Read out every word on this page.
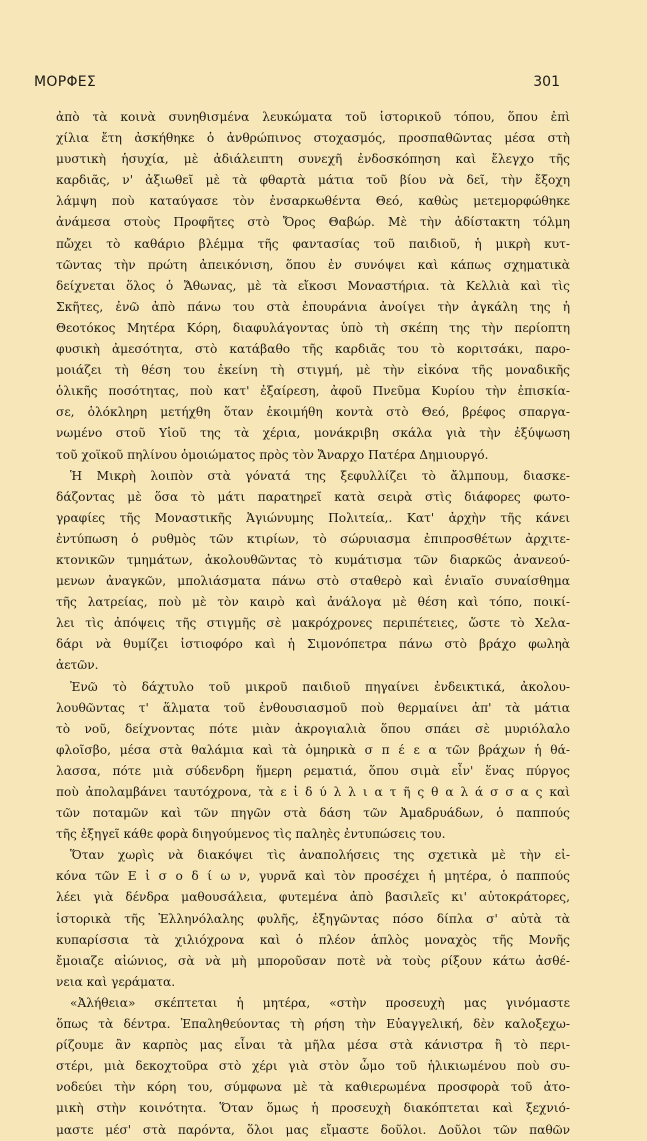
ΜΟΡΦΕΣ	301
ἀπὸ τὰ κοινὰ συνηθισμένα λευκώματα τοῦ ἱστορικοῦ τόπου, ὅπου ἐπὶ
χίλια ἔτη ἀσκήθηκε ὁ ἀνθρώπινος στοχασμός, προσπαθῶντας μέσα στὴ
μυστικὴ ἡσυχία, μὲ ἀδιάλειπτη συνεχῆ ἐνδοσκόπηση καὶ ἔλεγχο τῆς
καρδιᾶς, ν' ἀξιωθεῖ μὲ τὰ φθαρτὰ μάτια τοῦ βίου νὰ δεῖ, τὴν ἔξοχη
λάμψη ποὺ καταύγασε τὸν ἐνσαρκωθέντα Θεό, καθὼς μετεμορφώθηκε
ἀνάμεσα στοὺς Προφῆτες στὸ Ὄρος Θαβώρ. Μὲ τὴν ἀδίστακτη τόλμη
πὤχει τὸ καθάριο βλέμμα τῆς φαντασίας τοῦ παιδιοῦ, ἡ μικρὴ κυτ-
τῶντας τὴν πρώτη ἀπεικόνιση, ὅπου ἐν συνόψει καὶ κάπως σχηματικὰ
δείχνεται ὅλος ὁ Ἄθωνας, μὲ τὰ εἴκοσι Μοναστήρια. τὰ Κελλιὰ καὶ τὶς
Σκῆτες, ἐνῶ ἀπὸ πάνω του στὰ ἐπουράνια ἀνοίγει τὴν ἀγκάλη της ἡ
Θεοτόκος Μητέρα Κόρη, διαφυλάγοντας ὑπὸ τὴ σκέπη της τὴν περίοπτη
φυσικὴ ἀμεσότητα, στὸ κατάβαθο τῆς καρδιᾶς του τὸ κοριτσάκι, παρο-
μοιάζει τὴ θέση του ἐκείνη τὴ στιγμή, μὲ τὴν εἰκόνα τῆς μοναδικῆς
ὁλικῆς ποσότητας, ποὺ κατ' ἐξαίρεση, ἀφοῦ Πνεῦμα Κυρίου τὴν ἐπισκία-
σε, ὁλόκληρη μετήχθη ὅταν ἐκοιμήθη κοντὰ στὸ Θεό, βρέφος σπαργα-
νωμένο στοῦ Υἱοῦ της τὰ χέρια, μονάκριβη σκάλα γιὰ τὴν ἐξύψωση
τοῦ χοϊκοῦ πηλίνου ὁμοιώματος πρὸς τὸν Ἄναρχο Πατέρα Δημιουργό.
Ἡ Μικρὴ λοιπὸν στὰ γόνατά της ξεφυλλίζει τὸ ἄλμπουμ, διασκε-
δάζοντας μὲ ὅσα τὸ μάτι παρατηρεῖ κατὰ σειρὰ στὶς διάφορες φωτο-
γραφίες τῆς Μοναστικῆς Ἁγιώνυμης Πολιτεία,. Κατ' ἀρχὴν τῆς κάνει
ἐντύπωση ὁ ρυθμὸς τῶν κτιρίων, τὸ σώρυιασμα ἐπιπροσθέτων ἀρχιτε-
κτονικῶν τμημάτων, ἀκολουθῶντας τὸ κυμάτισμα τῶν διαρκῶς ἀνανεού-
μενων ἀναγκῶν, μπολιάσματα πάνω στὸ σταθερὸ καὶ ἑνιαῖο συναίσθημα
τῆς λατρείας, ποὺ μὲ τὸν καιρὸ καὶ ἀνάλογα μὲ θέση καὶ τόπο, ποικί-
λει τὶς ἀπόψεις τῆς στιγμῆς σὲ μακρόχρονες περιπέτειες, ὥστε τὸ Χελα-
δάρι νὰ θυμίζει ἱστιοφόρο καὶ ἡ Σιμονόπετρα πάνω στὸ βράχο φωληὰ
ἀετῶν.
Ἐνῶ τὸ δάχτυλο τοῦ μικροῦ παιδιοῦ πηγαίνει ἐνδεικτικά, ἀκολου-
λουθῶντας τ' ἅλματα τοῦ ἐνθουσιασμοῦ ποὺ θερμαίνει ἀπ' τὰ μάτια
τὸ νοῦ, δείχνοντας πότε μιὰν ἀκρογιαλιὰ ὅπου σπάει σὲ μυριόλαλο
φλοῖσβο, μέσα στὰ θαλάμια καὶ τὰ ὁμηρικὰ σ π έ ε α τῶν βράχων ἡ θά-
λασσα, πότε μιὰ σύδενδρη ἥμερη ρεματιά, ὅπου σιμὰ εἶν' ἕνας πύργος
ποὺ ἀπολαμβάνει ταυτόχρονα, τὰ ε ἰ δ ύ λ λ ι α τ ῆ ς θ α λ ά σ σ α ς καὶ
τῶν ποταμῶν καὶ τῶν πηγῶν στὰ δάση τῶν Ἀμαδρυάδων, ὁ παππούς
τῆς ἐξηγεῖ κάθε φορὰ διηγούμενος τὶς παληὲς ἐντυπώσεις του.
Ὅταν χωρὶς νὰ διακόψει τὶς ἀναπολήσεις της σχετικὰ μὲ τὴν εἰ-
κόνα τῶν Ε ἰ σ ο δ ί ω ν, γυρνᾶ καὶ τὸν προσέχει ἡ μητέρα, ὁ παππούς
λέει γιὰ δένδρα μαθουσάλεια, φυτεμένα ἀπὸ βασιλεῖς κι' αὐτοκράτορες,
ἱστορικὰ τῆς Ἑλληνόλαλης φυλῆς, ἐξηγῶντας πόσο δίπλα σ' αὐτὰ τὰ
κυπαρίσσια τὰ χιλιόχρονα καὶ ὁ πλέον ἁπλὸς μοναχὸς τῆς Μονῆς
ἔμοιαζε αἰώνιος, σὰ νὰ μὴ μποροῦσαν ποτὲ νὰ τοὺς ρίξουν κάτω ἀσθέ-
νεια καὶ γεράματα.
«Ἀλήθεια» σκέπτεται ἡ μητέρα, «στὴν προσευχὴ μας γινόμαστε
ὅπως τὰ δέντρα. Ἐπαληθεύοντας τὴ ρήση τὴν Εὐαγγελική, δὲν καλοξεχω-
ρίζουμε ἂν καρπὸς μας εἶναι τὰ μῆλα μέσα στὰ κάνιστρα ἢ τὸ περι-
στέρι, μιὰ δεκοχτοῦρα στὸ χέρι γιὰ στὸν ὦμο τοῦ ἡλικιωμένου ποὺ συ-
νοδεύει τὴν κόρη του, σύμφωνα μὲ τὰ καθιερωμένα προσφορὰ τοῦ ἀτο-
μικὴ στὴν κοινότητα. Ὅταν ὅμως ἡ προσευχὴ διακόπτεται καὶ ξεχνιό-
μαστε μέσ' στὰ παρόντα, ὅλοι μας εἴμαστε δοῦλοι. Δοῦλοι τῶν παθῶν
